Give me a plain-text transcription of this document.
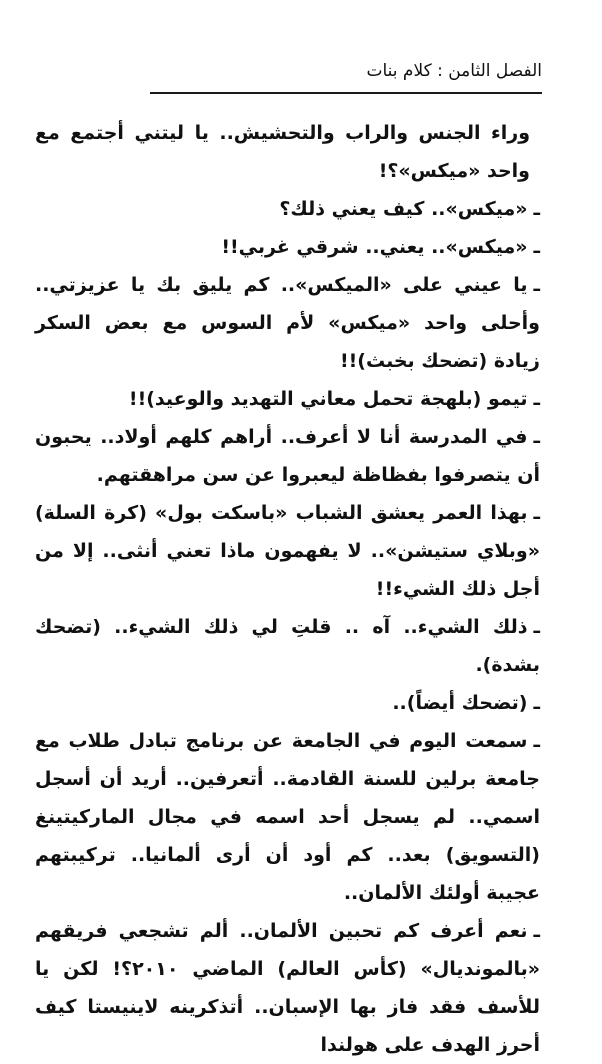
الفصل الثامن : كلام بنات

وراء الجنس والراب والتحشيش.. يا ليتني أجتمع مع واحد «ميكس»؟!

ـ«ميكس».. كيف يعني ذلك؟

ـ«ميكس».. يعني.. شرقي غربي!!

ـيا عيني على «الميكس».. كم يليق بك يا عزيزتي.. وأحلى واحد «ميكس» لأم السوس مع بعض السكر زيادة (تضحك بخبث)!!

ـتيمو (بلهجة تحمل معاني التهديد والوعيد)!!

ـفي المدرسة أنا لا أعرف.. أراهم كلهم أولاد.. يحبون أن يتصرفوا بفظاظة ليعبروا عن سن مراهقتهم.

ـبهذا العمر يعشق الشباب «باسكت بول» (كرة السلة) «وبلاي ستيشن».. لا يفهمون ماذا تعني أنثى.. إلا من أجل ذلك الشيء!!

ـذلك الشيء.. آه .. قلتِ لي ذلك الشيء.. (تضحك بشدة).

ـ(تضحك أيضاً)..

ـسمعت اليوم في الجامعة عن برنامج تبادل طلاب مع جامعة برلين للسنة القادمة.. أتعرفين.. أريد أن أسجل اسمي.. لم يسجل أحد اسمه في مجال الماركيتينغ (التسويق) بعد.. كم أود أن أرى ألمانيا.. تركيبتهم عجيبة أولئك الألمان..

ـنعم أعرف كم تحبين الألمان.. ألم تشجعي فريقهم «بالمونديال» (كأس العالم) الماضي ٢٠١٠؟! لكن يا للأسف فقد فاز بها الإسبان.. أتذكرينه لاينيستا كيف أحرز الهدف على هولندا
